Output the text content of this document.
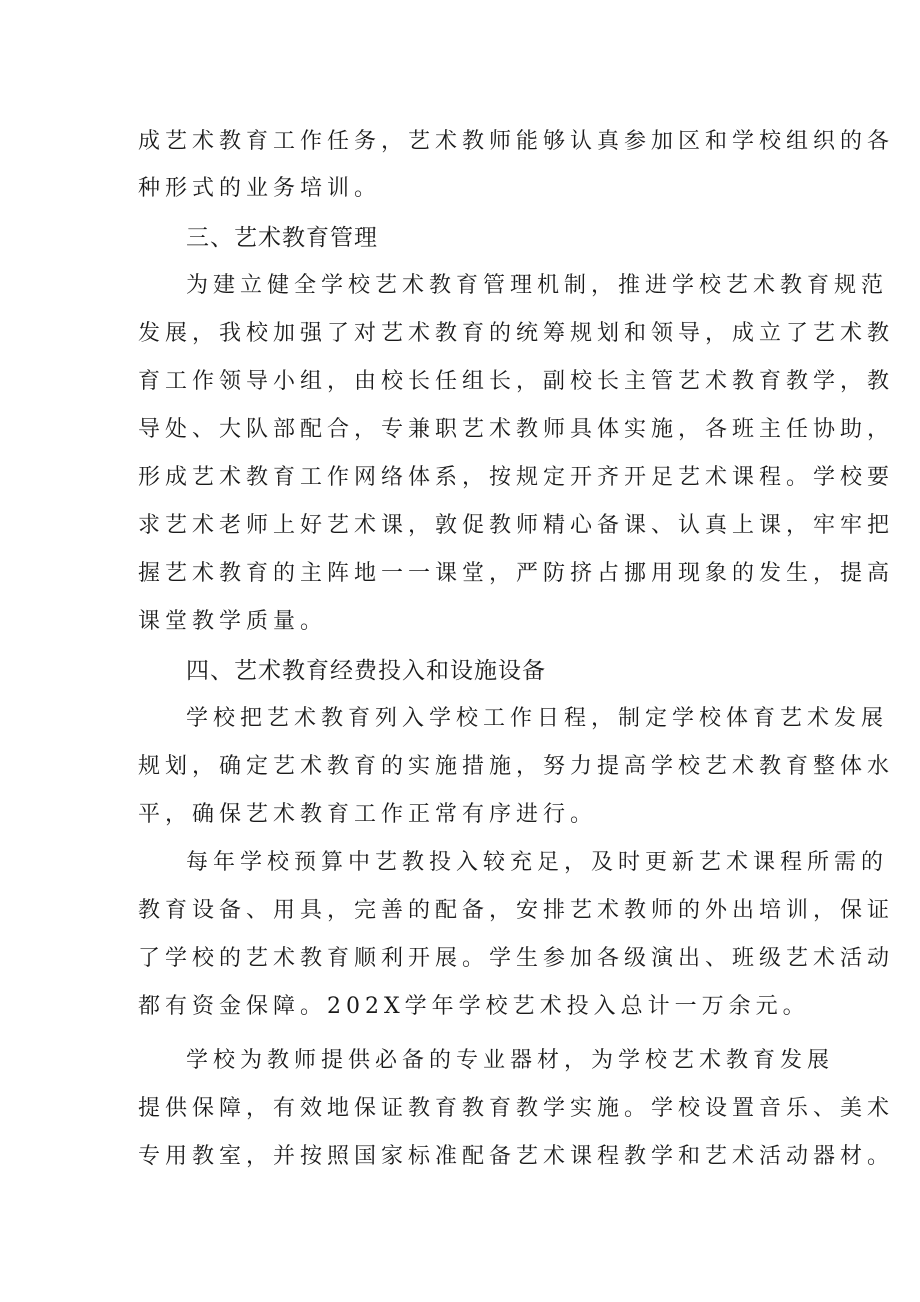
成艺术教育工作任务，艺术教师能够认真参加区和学校组织的各
种形式的业务培训。
三、艺术教育管理
为建立健全学校艺术教育管理机制，推进学校艺术教育规范
发展，我校加强了对艺术教育的统筹规划和领导，成立了艺术教
育工作领导小组，由校长任组长，副校长主管艺术教育教学，教
导处、大队部配合，专兼职艺术教师具体实施，各班主任协助，
形成艺术教育工作网络体系，按规定开齐开足艺术课程。学校要
求艺术老师上好艺术课，敦促教师精心备课、认真上课，牢牢把
握艺术教育的主阵地一一课堂，严防挤占挪用现象的发生，提高
课堂教学质量。
四、艺术教育经费投入和设施设备
学校把艺术教育列入学校工作日程，制定学校体育艺术发展
规划，确定艺术教育的实施措施，努力提高学校艺术教育整体水
平，确保艺术教育工作正常有序进行。
每年学校预算中艺教投入较充足，及时更新艺术课程所需的
教育设备、用具，完善的配备，安排艺术教师的外出培训，保证
了学校的艺术教育顺利开展。学生参加各级演出、班级艺术活动
都有资金保障。202X学年学校艺术投入总计一万余元。
学校为教师提供必备的专业器材，为学校艺术教育发展
提供保障，有效地保证教育教育教学实施。学校设置音乐、美术
专用教室，并按照国家标准配备艺术课程教学和艺术活动器材。
